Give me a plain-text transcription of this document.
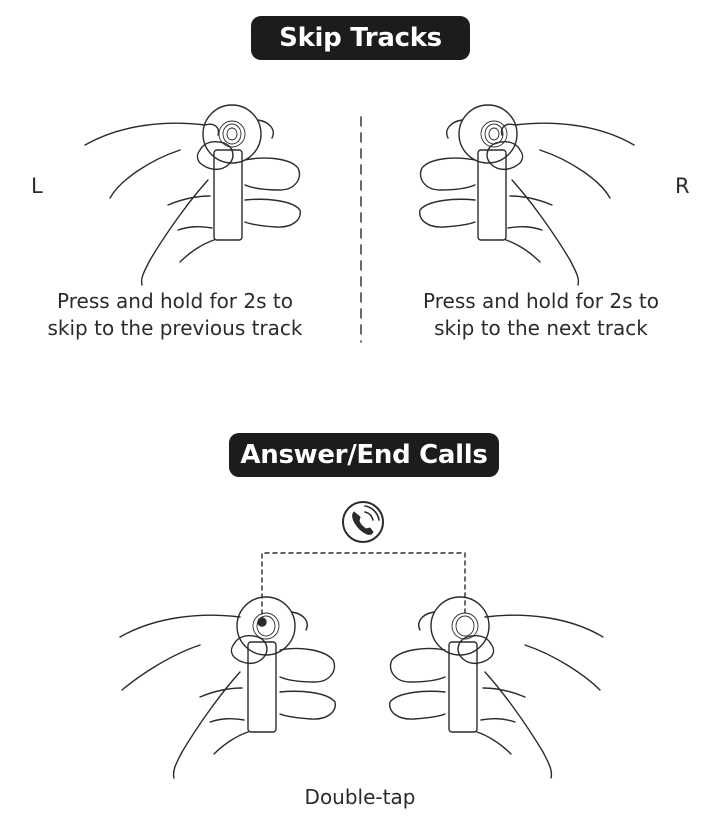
Skip Tracks
L	R
Press and hold for 2s to
skip to the previous track
Press and hold for 2s to
skip to the next track
Answer/End Calls
Double-tap
